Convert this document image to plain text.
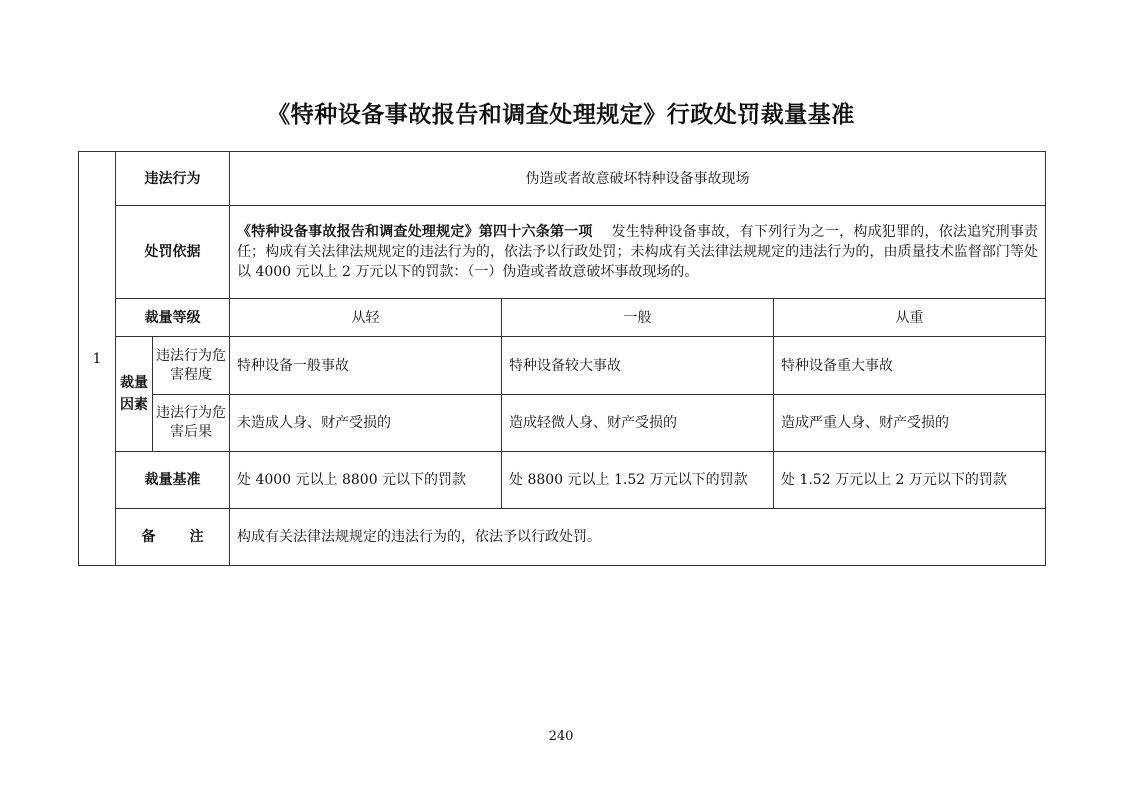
《特种设备事故报告和调查处理规定》行政处罚裁量基准
1	违法行为		伪造或者故意破坏特种设备事故现场		
	处罚依据		《特种设备事故报告和调查处理规定》第四十六条第一项　 发生特种设备事故，有下列行为之一，构成犯罪的，依法追究刑事责任；构成有关法律法规规定的违法行为的，依法予以行政处罚；未构成有关法律法规规定的违法行为的，由质量技术监督部门等处以 4000 元以上 2 万元以下的罚款：（一）伪造或者故意破坏事故现场的。		
	裁量等级		从轻	一般	从重
	裁量因素	违法行为危害程度	特种设备一般事故	特种设备较大事故	特种设备重大事故
		违法行为危害后果	未造成人身、财产受损的	造成轻微人身、财产受损的	造成严重人身、财产受损的
	裁量基准		处 4000 元以上 8800 元以下的罚款	处 8800 元以上 1.52 万元以下的罚款	处 1.52 万元以上 2 万元以下的罚款
	备注		构成有关法律法规规定的违法行为的，依法予以行政处罚。		
240
